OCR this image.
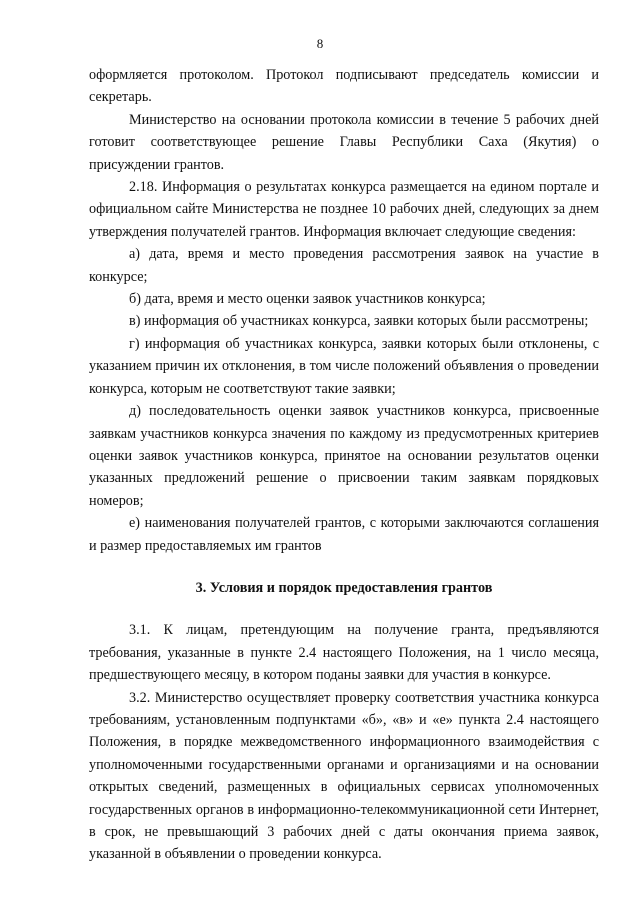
8

оформляется протоколом. Протокол подписывают председатель комиссии и секретарь.

Министерство на основании протокола комиссии в течение 5 рабочих дней готовит соответствующее решение Главы Республики Саха (Якутия) о присуждении грантов.

2.18. Информация о результатах конкурса размещается на едином портале и официальном сайте Министерства не позднее 10 рабочих дней, следующих за днем утверждения получателей грантов. Информация включает следующие сведения:

а) дата, время и место проведения рассмотрения заявок на участие в конкурсе;

б) дата, время и место оценки заявок участников конкурса;

в) информация об участниках конкурса, заявки которых были рассмотрены;

г) информация об участниках конкурса, заявки которых были отклонены, с указанием причин их отклонения, в том числе положений объявления о проведении конкурса, которым не соответствуют такие заявки;

д) последовательность оценки заявок участников конкурса, присвоенные заявкам участников конкурса значения по каждому из предусмотренных критериев оценки заявок участников конкурса, принятое на основании результатов оценки указанных предложений решение о присвоении таким заявкам порядковых номеров;

е) наименования получателей грантов, с которыми заключаются соглашения и размер предоставляемых им грантов

3. Условия и порядок предоставления грантов

3.1. К лицам, претендующим на получение гранта, предъявляются требования, указанные в пункте 2.4 настоящего Положения, на 1 число месяца, предшествующего месяцу, в котором поданы заявки для участия в конкурсе.

3.2. Министерство осуществляет проверку соответствия участника конкурса требованиям, установленным подпунктами «б», «в» и «е» пункта 2.4 настоящего Положения, в порядке межведомственного информационного взаимодействия с уполномоченными государственными органами и организациями и на основании открытых сведений, размещенных в официальных сервисах уполномоченных государственных органов в информационно-телекоммуникационной сети Интернет, в срок, не превышающий 3 рабочих дней с даты окончания приема заявок, указанной в объявлении о проведении конкурса.
